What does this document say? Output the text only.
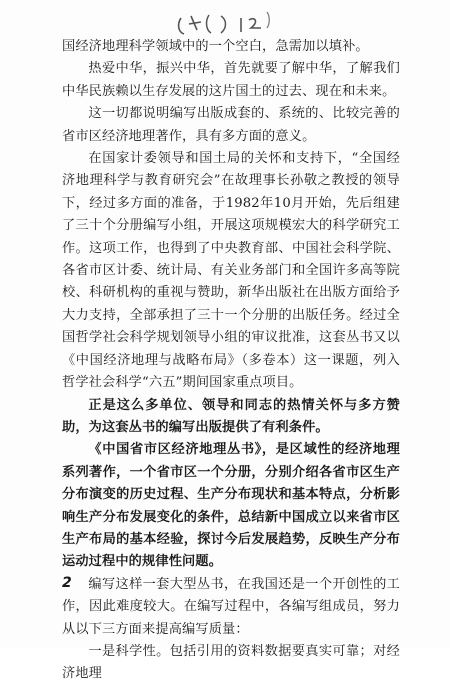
国经济地理科学领域中的一个空白，急需加以填补。

热爱中华，振兴中华，首先就要了解中华，了解我们中华民族赖以生存发展的这片国土的过去、现在和未来。

这一切都说明编写出版成套的、系统的、比较完善的省市区经济地理著作，具有多方面的意义。

在国家计委领导和国土局的关怀和支持下，“全国经济地理科学与教育研究会”在故理事长孙敬之教授的领导下，经过多方面的准备，于1982年10月开始，先后组建了三十个分册编写小组，开展这项规模宏大的科学研究工作。这项工作，也得到了中央教育部、中国社会科学院、各省市区计委、统计局、有关业务部门和全国许多高等院校、科研机构的重视与赞助，新华出版社在出版方面给予大力支持，全部承担了三十一个分册的出版任务。经过全国哲学社会科学规划领导小组的审议批准，这套丛书又以《中国经济地理与战略布局》（多卷本）这一课题，列入哲学社会科学“六五”期间国家重点项目。

正是这么多单位、领导和同志的热情关怀与多方赞助，为这套丛书的编写出版提供了有利条件。

《中国省市区经济地理丛书》，是区域性的经济地理系列著作，一个省市区一个分册，分别介绍各省市区生产分布演变的历史过程、生产分布现状和基本特点，分析影响生产分布发展变化的条件，总结新中国成立以来省市区生产布局的基本经验，探讨今后发展趋势，反映生产分布运动过程中的规律性问题。

编写这样一套大型丛书，在我国还是一个开创性的工作，因此难度较大。在编写过程中，各编写组成员，努力从以下三方面来提高编写质量：

一是科学性。包括引用的资料数据要真实可靠；对经济地理

2
